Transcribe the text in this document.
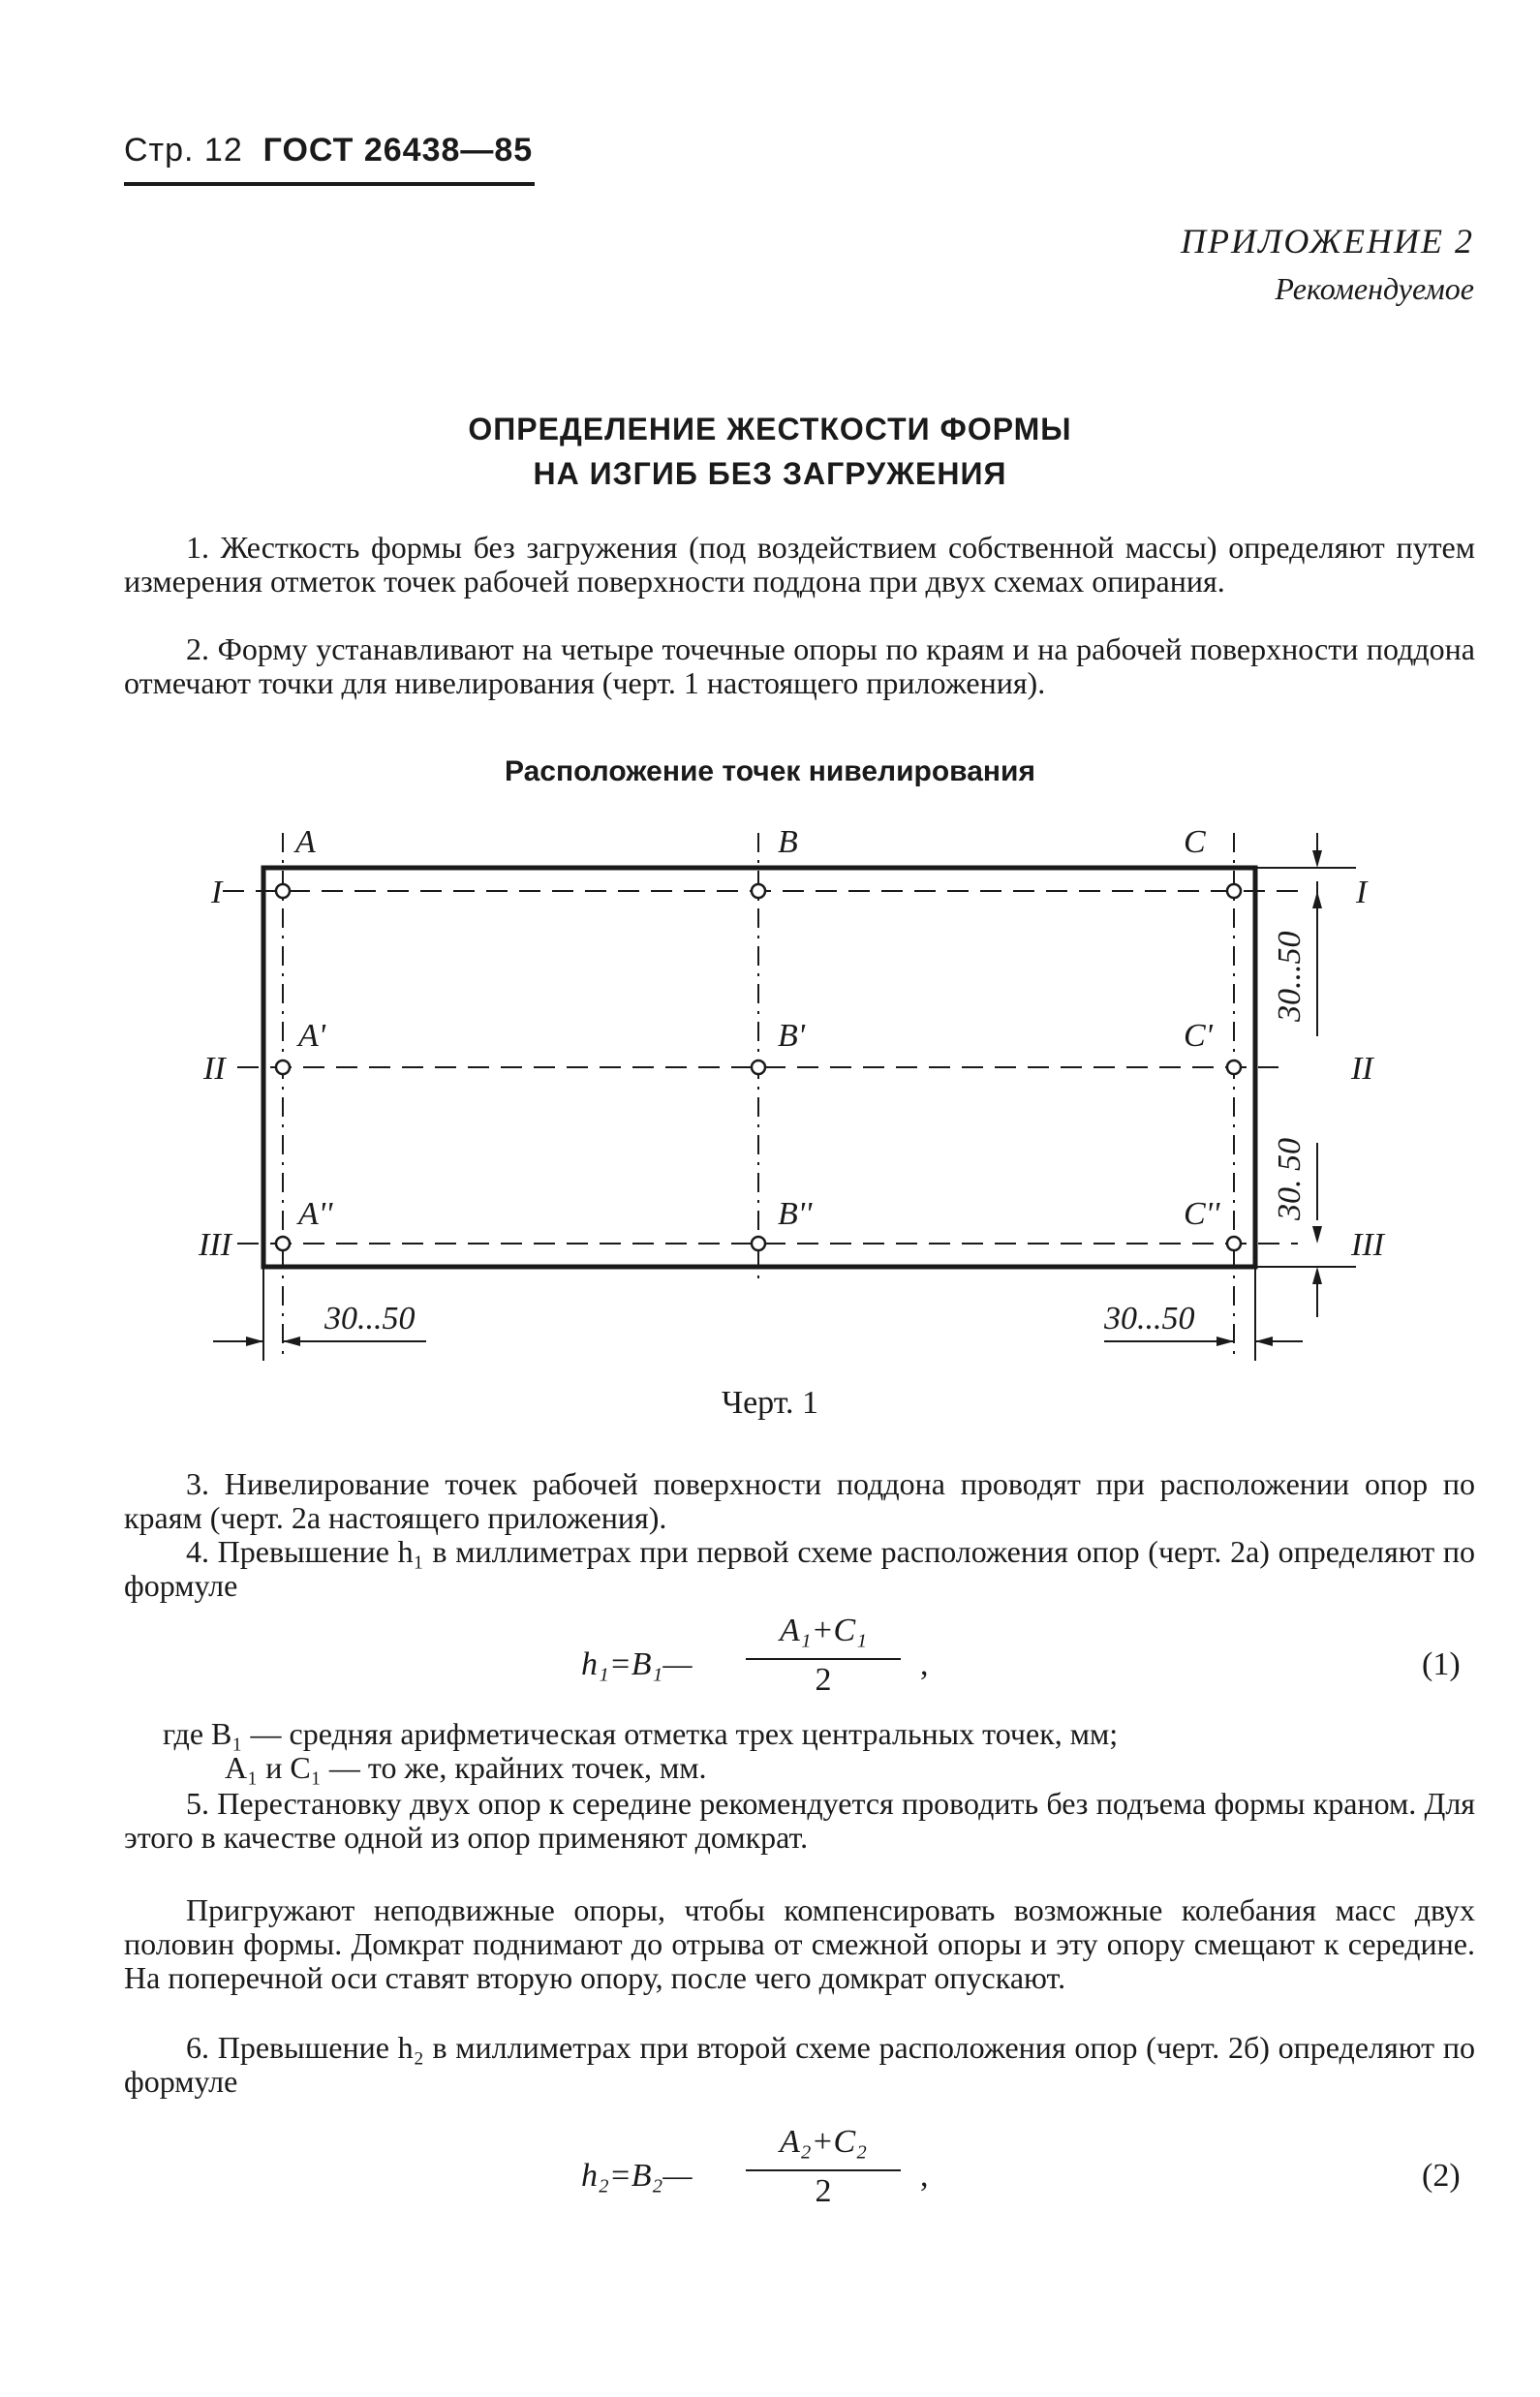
Стр. 12 ГОСТ 26438—85
ПРИЛОЖЕНИЕ 2
Рекомендуемое
ОПРЕДЕЛЕНИЕ ЖЕСТКОСТИ ФОРМЫ
НА ИЗГИБ БЕЗ ЗАГРУЖЕНИЯ
1. Жесткость формы без загружения (под воздействием собственной массы) определяют путем измерения отметок точек рабочей поверхности поддона при двух схемах опирания.
2. Форму устанавливают на четыре точечные опоры по краям и на рабочей поверхности поддона отмечают точки для нивелирования (черт. 1 настоящего приложения).
Расположение точек нивелирования
A	B	C
A'	B'	C'
A''	B''	C''
I
II
III
I
II
III
30...50	30...50
30...50
30. 50
Черт. 1
3. Нивелирование точек рабочей поверхности поддона проводят при расположении опор по краям (черт. 2а настоящего приложения).
4. Превышение h₁ в миллиметрах при первой схеме расположения опор (черт. 2а) определяют по формуле
h₁=B₁—
A₁+C₁
2	,	(1)
где B₁ — средняя арифметическая отметка трех центральных точек, мм;
A₁ и C₁ — то же, крайних точек, мм.
5. Перестановку двух опор к середине рекомендуется проводить без подъема формы краном. Для этого в качестве одной из опор применяют домкрат.
Пригружают неподвижные опоры, чтобы компенсировать возможные колебания масс двух половин формы. Домкрат поднимают до отрыва от смежной опоры и эту опору смещают к середине. На поперечной оси ставят вторую опору, после чего домкрат опускают.
6. Превышение h₂ в миллиметрах при второй схеме расположения опор (черт. 2б) определяют по формуле
h₂=B₂—
A₂+C₂
2	,	(2)
